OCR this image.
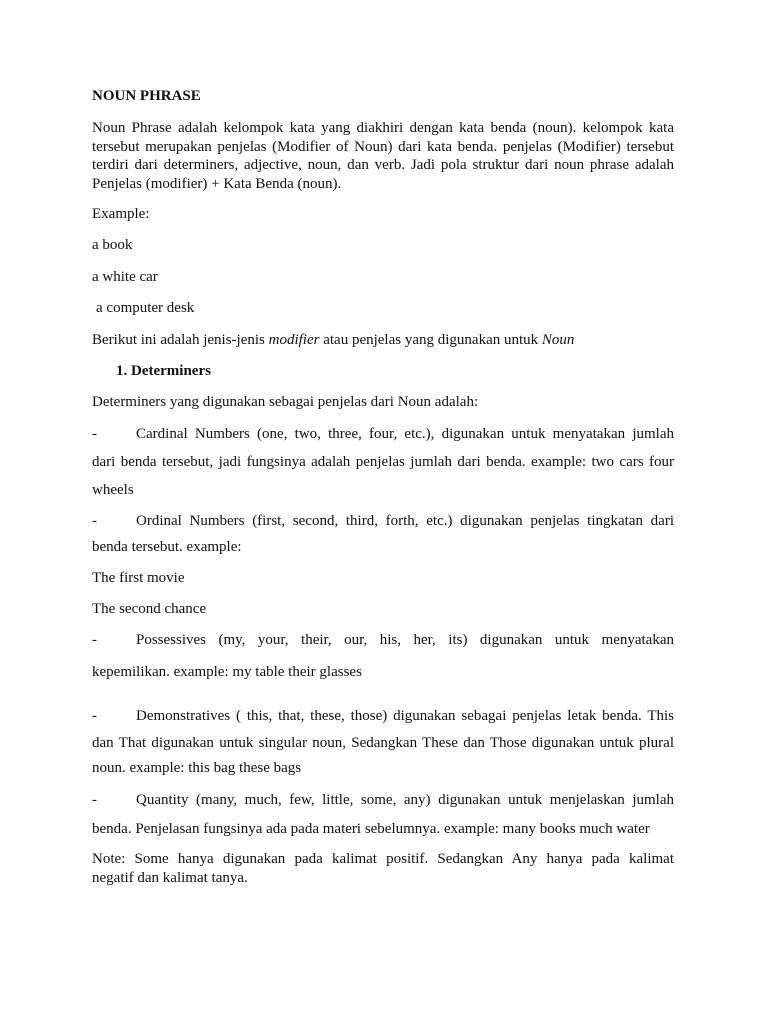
NOUN PHRASE

Noun Phrase adalah kelompok kata yang diakhiri dengan kata benda (noun). kelompok kata
tersebut merupakan penjelas (Modifier of Noun) dari kata benda. penjelas (Modifier) tersebut
terdiri dari determiners, adjective, noun, dan verb. Jadi pola struktur dari noun phrase adalah
Penjelas (modifier) + Kata Benda (noun).

Example:

a book

a white car

a computer desk

Berikut ini adalah jenis-jenis modifier atau penjelas yang digunakan untuk Noun

1. Determiners

Determiners yang digunakan sebagai penjelas dari Noun adalah:

-	Cardinal Numbers (one, two, three, four, etc.), digunakan untuk menyatakan jumlah
dari benda tersebut, jadi fungsinya adalah penjelas jumlah dari benda. example: two cars four
wheels
-	Ordinal Numbers (first, second, third, forth, etc.) digunakan penjelas tingkatan dari
benda tersebut. example:

The first movie

The second chance

-	Possessives (my, your, their, our, his, her, its) digunakan untuk menyatakan
kepemilikan. example: my table their glasses
-	Demonstratives ( this, that, these, those) digunakan sebagai penjelas letak benda. This
dan That digunakan untuk singular noun, Sedangkan These dan Those digunakan untuk plural
noun. example: this bag these bags
-	Quantity (many, much, few, little, some, any) digunakan untuk menjelaskan jumlah
benda. Penjelasan fungsinya ada pada materi sebelumnya. example: many books much water
Note: Some hanya digunakan pada kalimat positif. Sedangkan Any hanya pada kalimat
negatif dan kalimat tanya.
